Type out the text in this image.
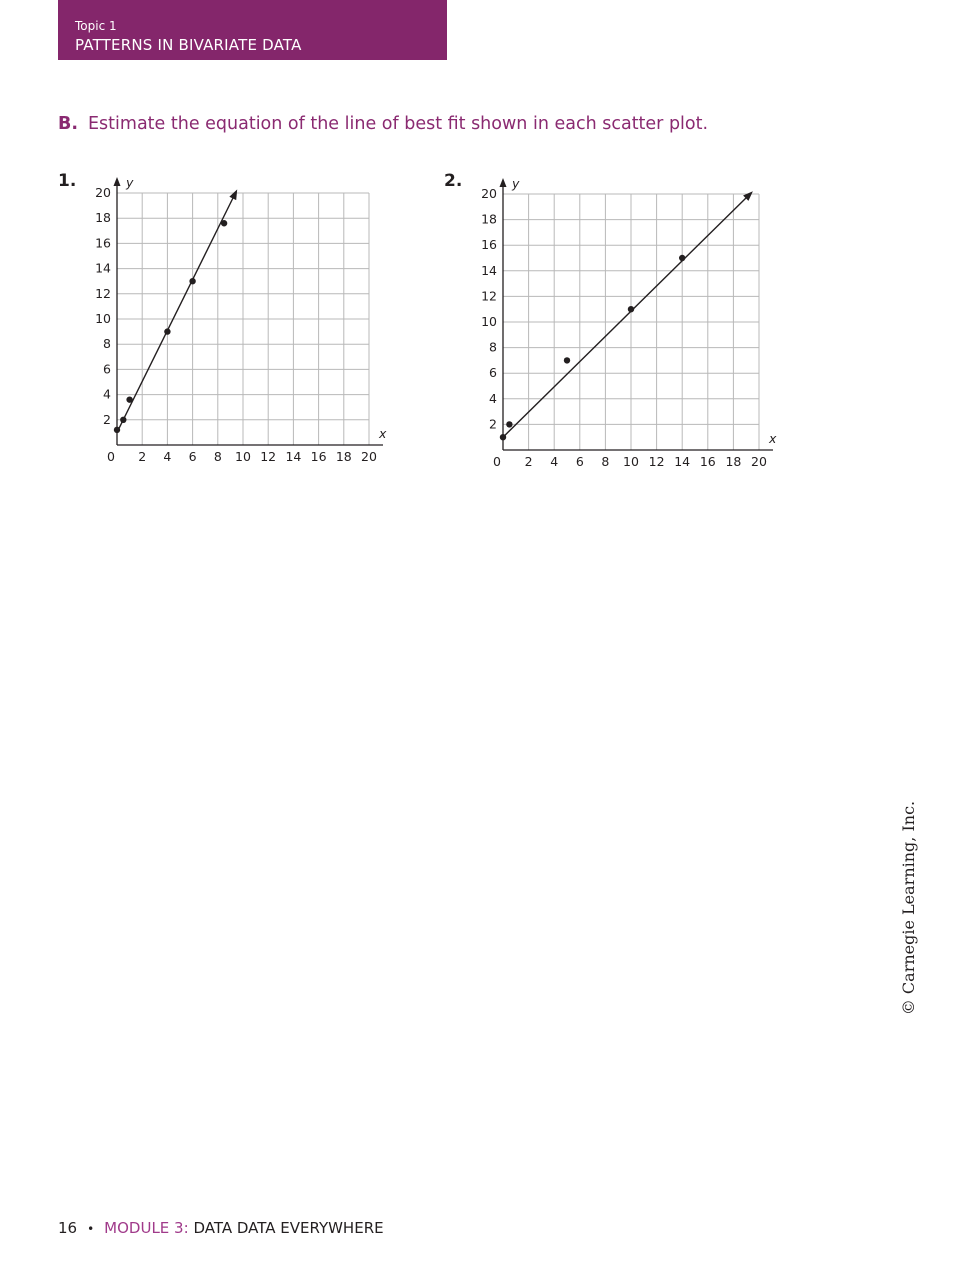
Topic 1
PATTERNS IN BIVARIATE DATA
B. Estimate the equation of the line of best fit shown in each scatter plot.
1.	2.
y
x
2 4 6 8 10 12 14 16 18 20
2
4
6
8
10
12
14
16
18
20
0
y
x
2 4 6 8 10 12 14 16 18 20
2
4
6
8
10
12
14
16
18
20
0
16 • MODULE 3: DATA DATA EVERYWHERE
© Carnegie Learning, Inc.
